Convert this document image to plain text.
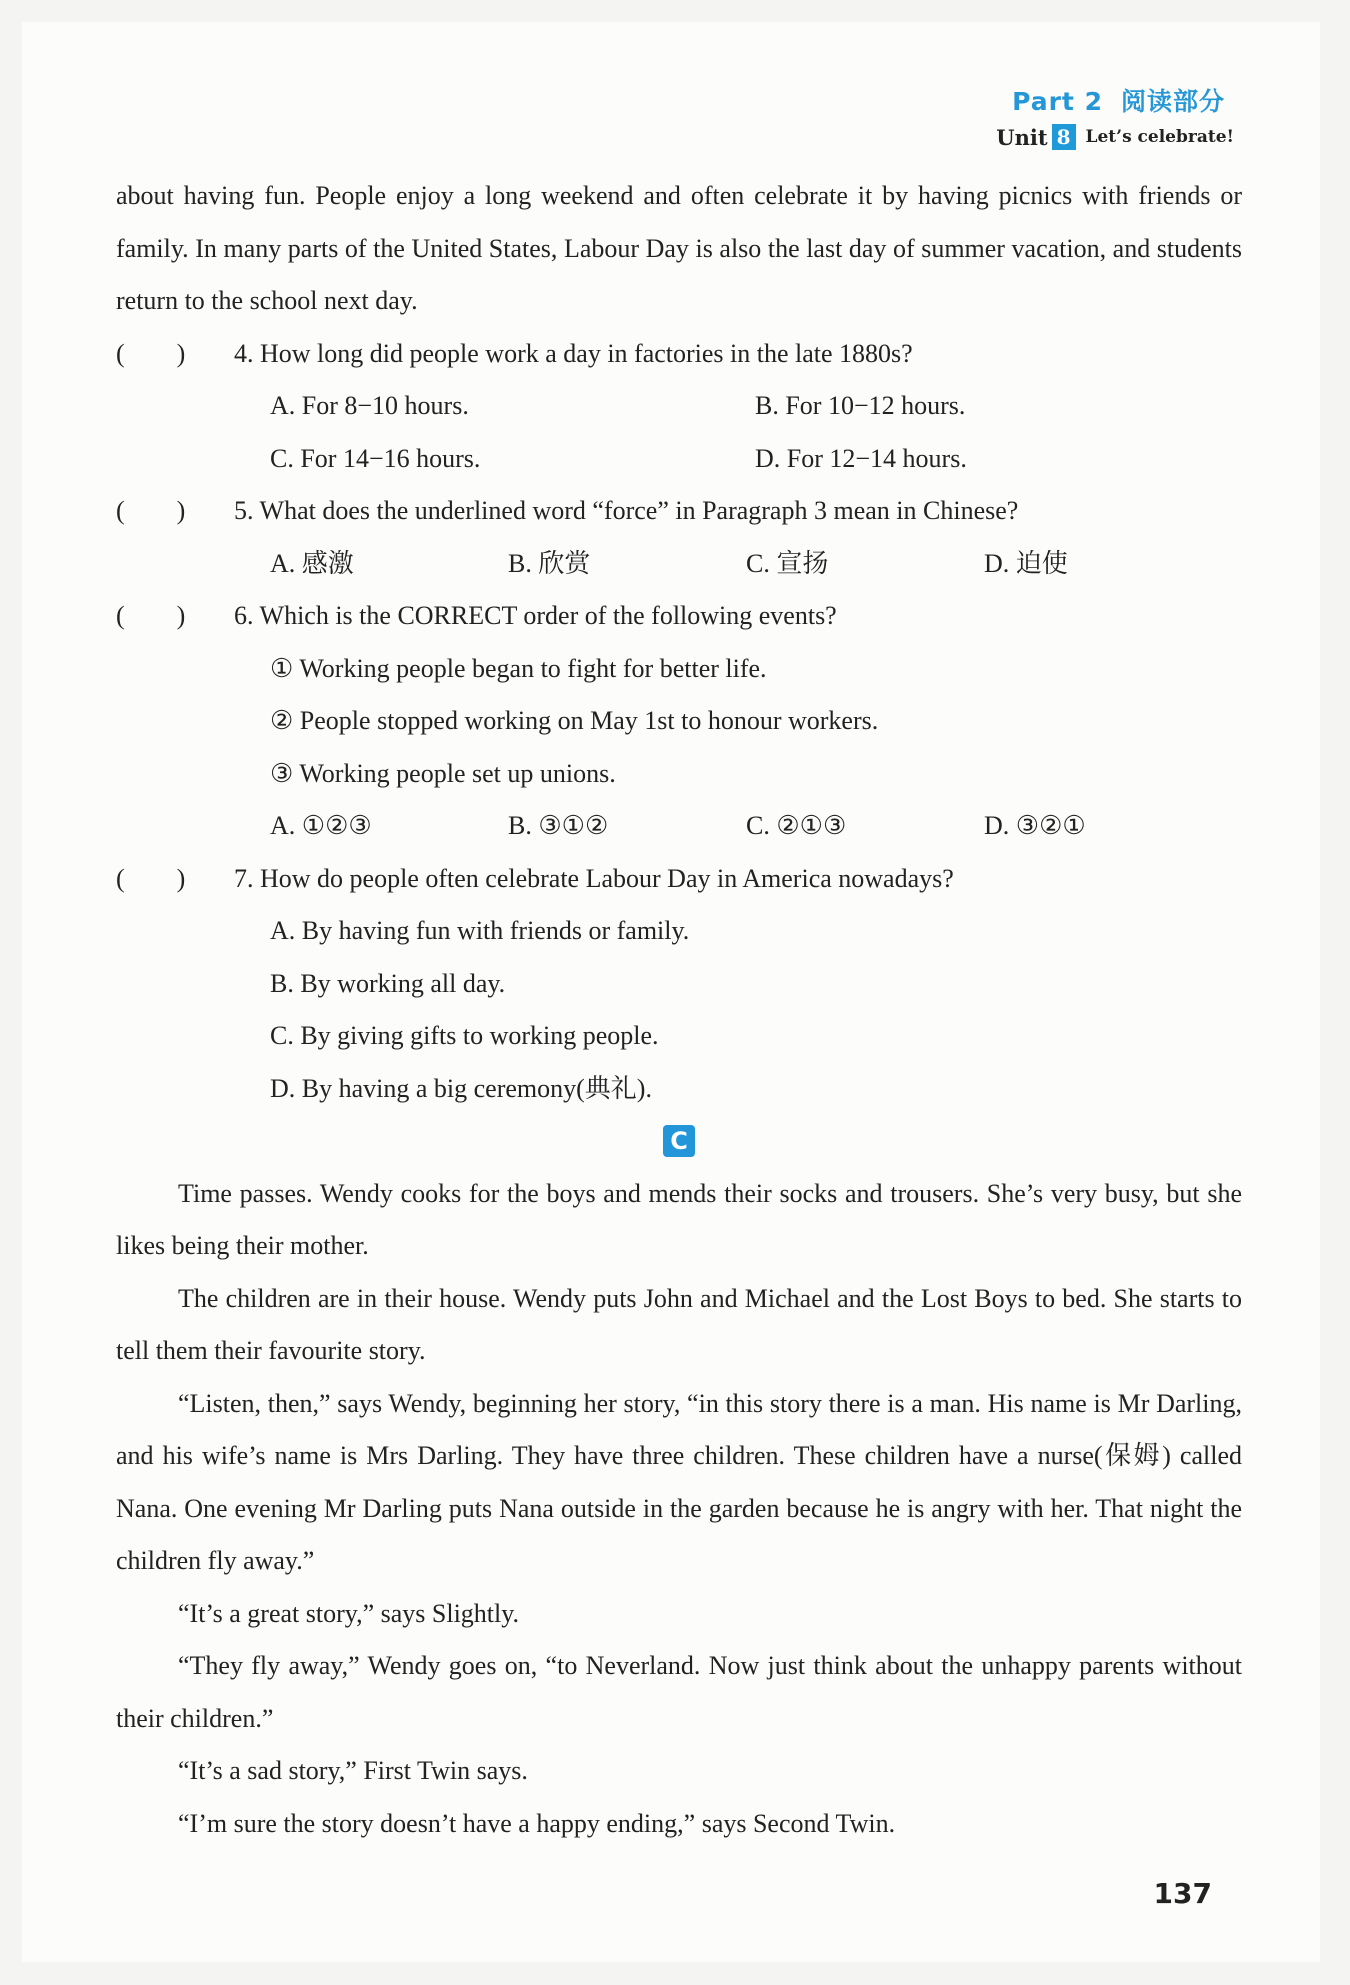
Part 2 阅读部分
Unit 8 Let’s celebrate!

about having fun. People enjoy a long weekend and often celebrate it by having picnics with friends or family. In many parts of the United States, Labour Day is also the last day of summer vacation, and students return to the school next day.

(　　)	4. How long did people work a day in factories in the late 1880s?
A. For 8−10 hours.	B. For 10−12 hours.
C. For 14−16 hours.	D. For 12−14 hours.
(　　)	5. What does the underlined word “force” in Paragraph 3 mean in Chinese?
A. 感激	B. 欣赏	C. 宣扬	D. 迫使
(　　)	6. Which is the CORRECT order of the following events?
① Working people began to fight for better life.
② People stopped working on May 1st to honour workers.
③ Working people set up unions.
A. ①②③	B. ③①②	C. ②①③	D. ③②①
(　　)	7. How do people often celebrate Labour Day in America nowadays?
A. By having fun with friends or family.
B. By working all day.
C. By giving gifts to working people.
D. By having a big ceremony(典礼).
C

Time passes. Wendy cooks for the boys and mends their socks and trousers. She’s very busy, but she likes being their mother.

The children are in their house. Wendy puts John and Michael and the Lost Boys to bed. She starts to tell them their favourite story.

“Listen, then,” says Wendy, beginning her story, “in this story there is a man. His name is Mr Darling, and his wife’s name is Mrs Darling. They have three children. These children have a nurse(保姆) called Nana. One evening Mr Darling puts Nana outside in the garden because he is angry with her. That night the children fly away.”

“It’s a great story,” says Slightly.

“They fly away,” Wendy goes on, “to Neverland. Now just think about the unhappy parents without their children.”

“It’s a sad story,” First Twin says.

“I’m sure the story doesn’t have a happy ending,” says Second Twin.

137
